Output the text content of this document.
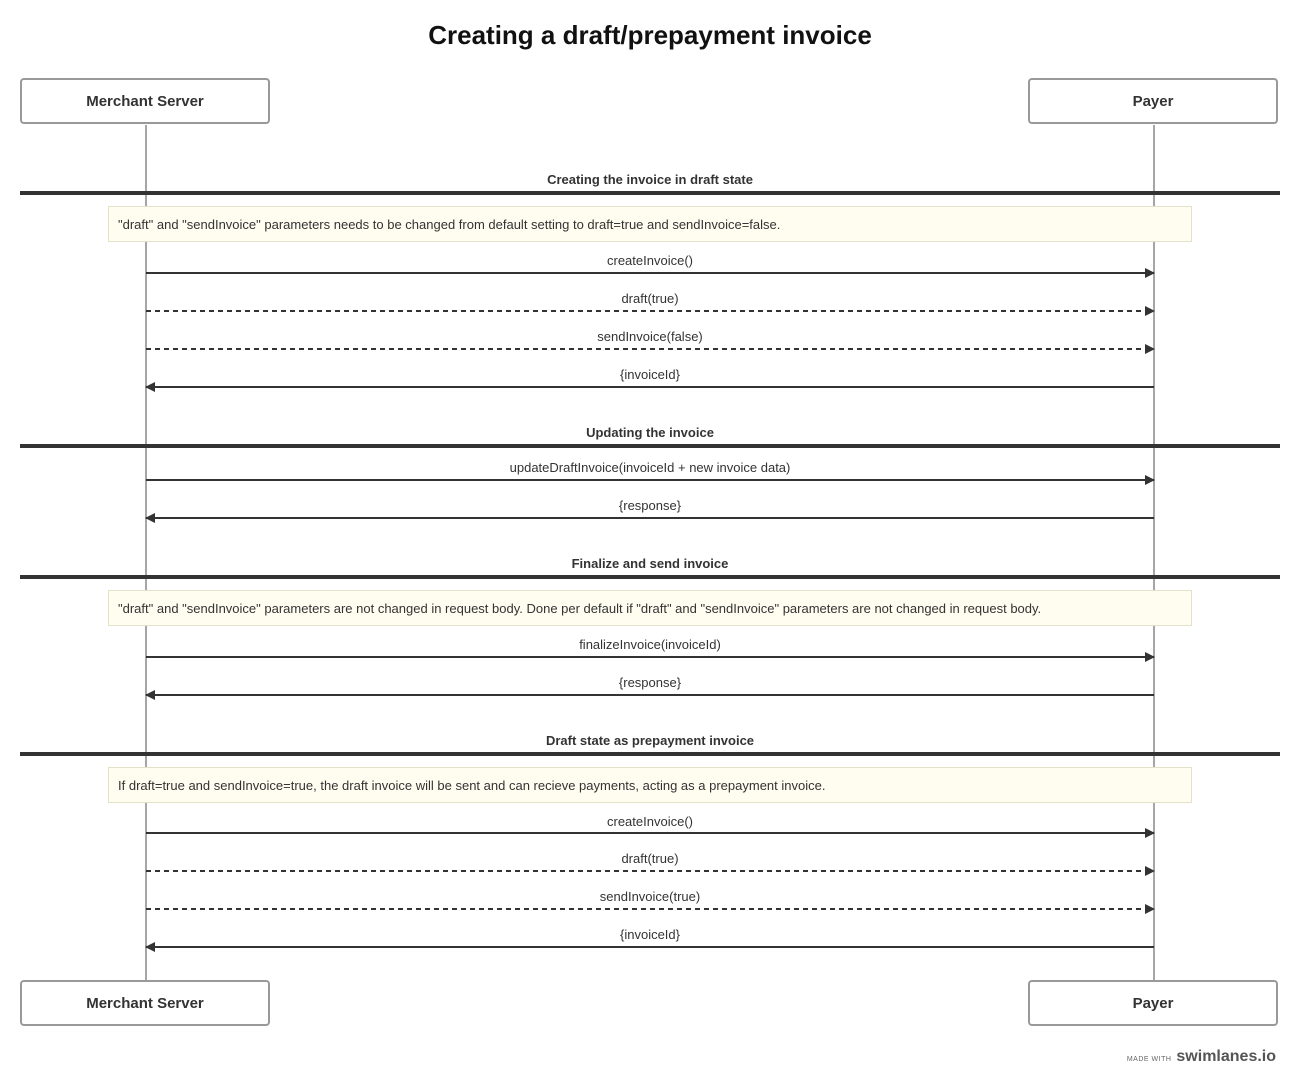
Creating a draft/prepayment invoice
Merchant Server	Payer
Merchant Server	Payer
Creating the invoice in draft state
Updating the invoice
Finalize and send invoice
Draft state as prepayment invoice
"draft" and "sendInvoice" parameters needs to be changed from default setting to draft=true and sendInvoice=false.
"draft" and "sendInvoice" parameters are not changed in request body. Done per default if "draft" and "sendInvoice" parameters are not changed in request body.
If draft=true and sendInvoice=true, the draft invoice will be sent and can recieve payments, acting as a prepayment invoice.
createInvoice()
draft(true)
sendInvoice(false)
{invoiceId}
updateDraftInvoice(invoiceId + new invoice data)
{response}
finalizeInvoice(invoiceId)
{response}
createInvoice()
draft(true)
sendInvoice(true)
{invoiceId}
MADE WITH swimlanes.io
